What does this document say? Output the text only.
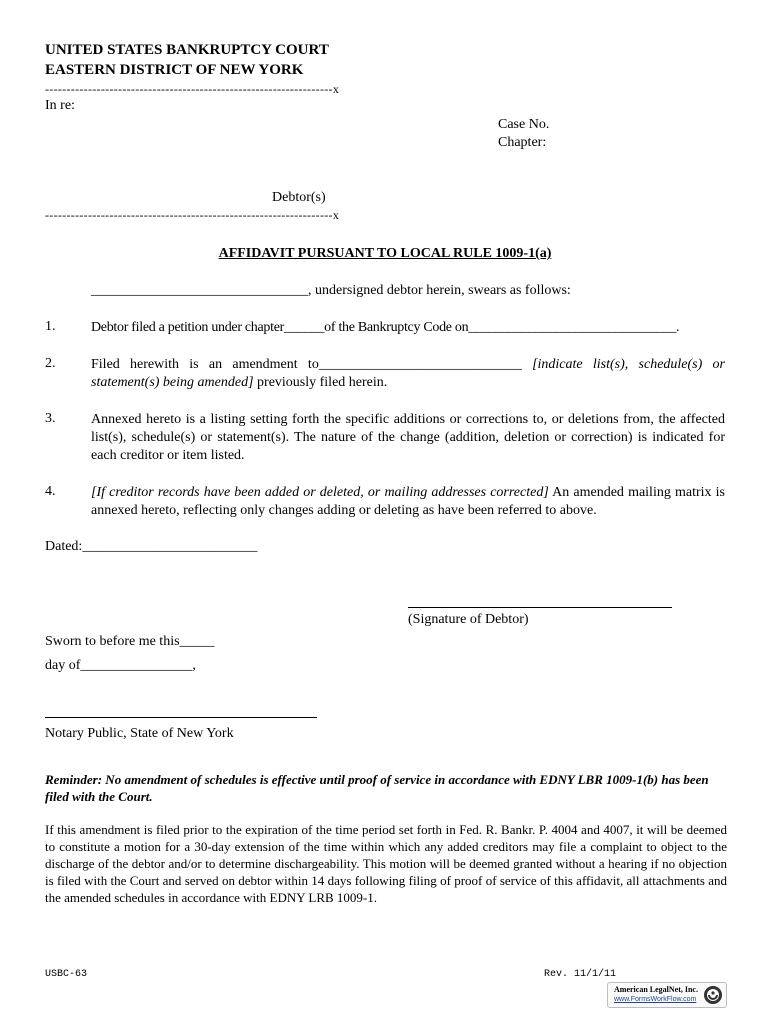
UNITED STATES BANKRUPTCY COURT
EASTERN DISTRICT OF NEW YORK
-------------------------------------------------------------------x
In re:
Case No.
Chapter:
Debtor(s)
-------------------------------------------------------------------x
AFFIDAVIT PURSUANT TO LOCAL RULE 1009-1(a)
_______________________________, undersigned debtor herein, swears as follows:
1.	Debtor filed a petition under chapter______of the Bankruptcy Code on_______________________________.
2.	Filed herewith is an amendment to_____________________________ [indicate list(s), schedule(s) or statement(s) being amended] previously filed herein.
3.	Annexed hereto is a listing setting forth the specific additions or corrections to, or deletions from, the affected list(s), schedule(s) or statement(s). The nature of the change (addition, deletion or correction) is indicated for each creditor or item listed.
4.	[If creditor records have been added or deleted, or mailing addresses corrected] An amended mailing matrix is annexed hereto, reflecting only changes adding or deleting as have been referred to above.
Dated:_________________________
(Signature of Debtor)
Sworn to before me this_____
day of________________,
Notary Public, State of New York
Reminder: No amendment of schedules is effective until proof of service in accordance with EDNY LBR 1009-1(b) has been filed with the Court.
If this amendment is filed prior to the expiration of the time period set forth in Fed. R. Bankr. P. 4004 and 4007, it will be deemed to constitute a motion for a 30-day extension of the time within which any added creditors may file a complaint to object to the discharge of the debtor and/or to determine dischargeability. This motion will be deemed granted without a hearing if no objection is filed with the Court and served on debtor within 14 days following filing of proof of service of this affidavit, all attachments and the amended schedules in accordance with EDNY LRB 1009-1.
USBC-63	Rev. 11/1/11
American LegalNet, Inc.
www.FormsWorkFlow.com
